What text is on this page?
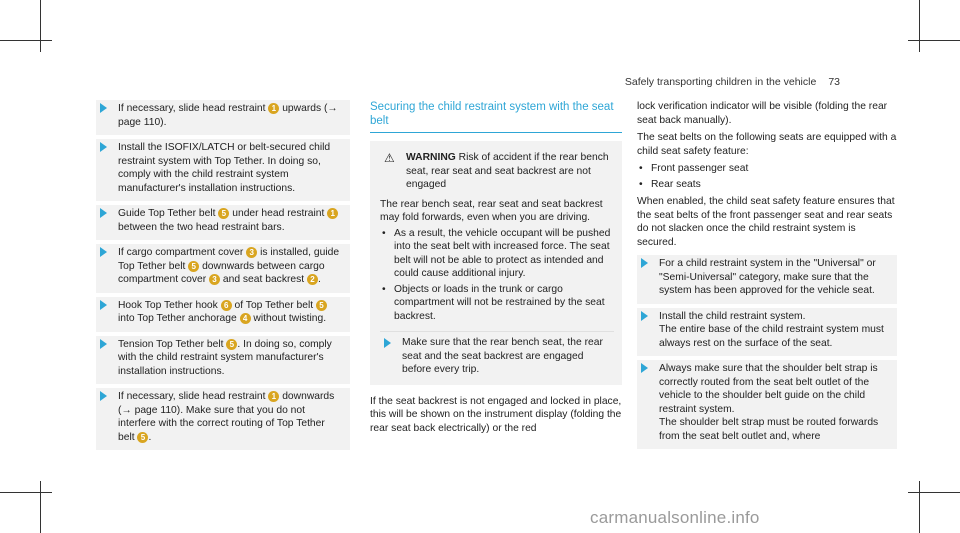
Safely transporting children in the vehicle 73

If necessary, slide head restraint 1 upwards (→ page 110).

Install the ISOFIX/LATCH or belt-secured child restraint system with Top Tether. In doing so, comply with the child restraint system manufacturer's installation instructions.

Guide Top Tether belt 5 under head restraint 1 between the two head restraint bars.

If cargo compartment cover 3 is installed, guide Top Tether belt 5 downwards between cargo compartment cover 3 and seat backrest 2 .

Hook Top Tether hook 6 of Top Tether belt 5 into Top Tether anchorage 4 without twisting.

Tension Top Tether belt 5 . In doing so, comply with the child restraint system manufacturer's installation instructions.

If necessary, slide head restraint 1 downwards (→ page 110). Make sure that you do not interfere with the correct routing of Top Tether belt 5 .

Securing the child restraint system with the seat belt
⚠ WARNING Risk of accident if the rear bench seat, rear seat and seat backrest are not engaged

The rear bench seat, rear seat and seat backrest may fold forwards, even when you are driving.

• As a result, the vehicle occupant will be pushed into the seat belt with increased force. The seat belt will not be able to protect as intended and could cause additional injury.
• Objects or loads in the trunk or cargo compartment will not be restrained by the seat backrest.
Make sure that the rear bench seat, the rear seat and the seat backrest are engaged before every trip.

If the seat backrest is not engaged and locked in place, this will be shown on the instrument display (folding the rear seat back electrically) or the red

lock verification indicator will be visible (folding the rear seat back manually).

The seat belts on the following seats are equipped with a child seat safety feature:

• Front passenger seat
• Rear seats

When enabled, the child seat safety feature ensures that the seat belts of the front passenger seat and rear seats do not slacken once the child restraint system is secured.

For a child restraint system in the "Universal" or "Semi-Universal" category, make sure that the system has been approved for the vehicle seat.

Install the child restraint system.

The entire base of the child restraint system must always rest on the surface of the seat.

Always make sure that the shoulder belt strap is correctly routed from the seat belt outlet of the vehicle to the shoulder belt guide on the child restraint system.

The shoulder belt strap must be routed forwards from the seat belt outlet and, where

carmanualsonline.info
